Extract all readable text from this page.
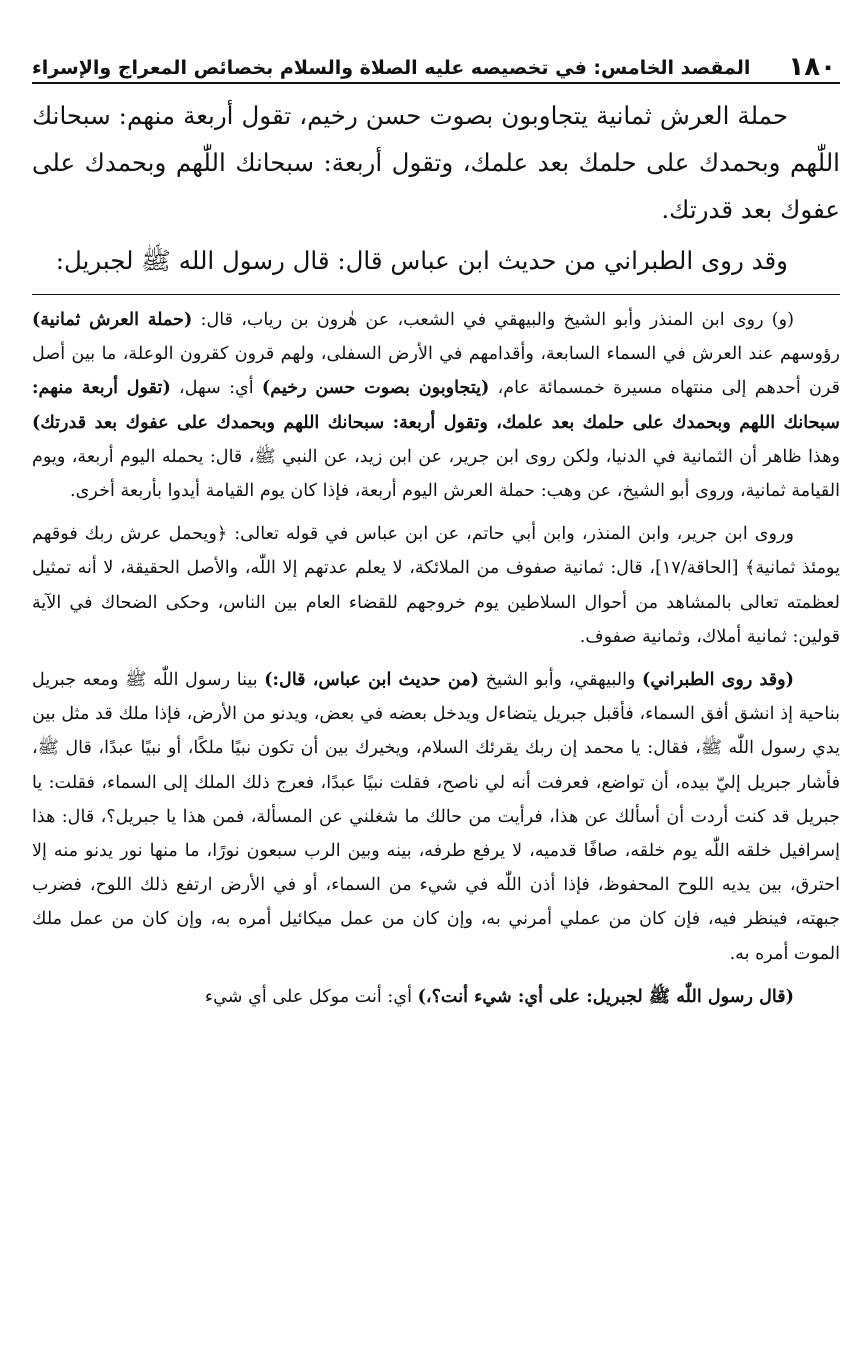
١٨٠
المقصد الخامس: في تخصيصه عليه الصلاة والسلام بخصائص المعراج والإسراء

حملة العرش ثمانية يتجاوبون بصوت حسن رخيم، تقول أربعة منهم: سبحانك اللّٰهم وبحمدك على حلمك بعد علمك، وتقول أربعة: سبحانك اللّٰهم وبحمدك على عفوك بعد قدرتك.

وقد روى الطبراني من حديث ابن عباس قال: قال رسول الله ﷺ لجبريل:

(و) روى ابن المنذر وأبو الشيخ والبيهقي في الشعب، عن هٰرون بن رياب، قال: (حملة العرش ثمانية) رؤوسهم عند العرش في السماء السابعة، وأقدامهم في الأرض السفلى، ولهم قرون كقرون الوعلة، ما بين أصل قرن أحدهم إلى منتهاه مسيرة خمسمائة عام، (يتجاوبون بصوت حسن رخيم) أي: سهل، (تقول أربعة منهم: سبحانك اللهم وبحمدك على حلمك بعد علمك، وتقول أربعة: سبحانك اللهم وبحمدك على عفوك بعد قدرتك) وهذا ظاهر أن الثمانية في الدنيا، ولكن روى ابن جرير، عن ابن زيد، عن النبي ﷺ، قال: يحمله اليوم أربعة، ويوم القيامة ثمانية، وروى أبو الشيخ، عن وهب: حملة العرش اليوم أربعة، فإذا كان يوم القيامة أيدوا بأربعة أخرى.

وروى ابن جرير، وابن المنذر، وابن أبي حاتم، عن ابن عباس في قوله تعالى: ﴿ويحمل عرش ربك فوقهم يومئذ ثمانية﴾ [الحاقة/١٧]، قال: ثمانية صفوف من الملائكة، لا يعلم عدتهم إلا اللّٰه، والأصل الحقيقة، لا أنه تمثيل لعظمته تعالى بالمشاهد من أحوال السلاطين يوم خروجهم للقضاء العام بين الناس، وحكى الضحاك في الآية قولين: ثمانية أملاك، وثمانية صفوف.

(وقد روى الطبراني) والبيهقي، وأبو الشيخ (من حديث ابن عباس، قال:) بينا رسول اللّٰه ﷺ ومعه جبريل بناحية إذ انشق أفق السماء، فأقبل جبريل يتضاءل ويدخل بعضه في بعض، ويدنو من الأرض، فإذا ملك قد مثل بين يدي رسول اللّٰه ﷺ، فقال: يا محمد إن ربك يقرئك السلام، ويخيرك بين أن تكون نبيًا ملكًا، أو نبيًا عبدًا، قال ﷺ، فأشار جبريل إليّ بيده، أن تواضع، فعرفت أنه لي ناصح، فقلت نبيًا عبدًا، فعرج ذلك الملك إلى السماء، فقلت: يا جبريل قد كنت أردت أن أسألك عن هذا، فرأيت من حالك ما شغلني عن المسألة، فمن هذا يا جبريل؟، قال: هذا إسرافيل خلقه اللّٰه يوم خلقه، صافًا قدميه، لا يرفع طرفه، بينه وبين الرب سبعون نورًا، ما منها نور يدنو منه إلا احترق، بين يديه اللوح المحفوظ، فإذا أذن اللّٰه في شيء من السماء، أو في الأرض ارتفع ذلك اللوح، فضرب جبهته، فينظر فيه، فإن كان من عملي أمرني به، وإن كان من عمل ميكائيل أمره به، وإن كان من عمل ملك الموت أمره به.

(قال رسول اللّٰه ﷺ لجبريل: على أي: شيء أنت؟،) أي: أنت موكل على أي شيء
